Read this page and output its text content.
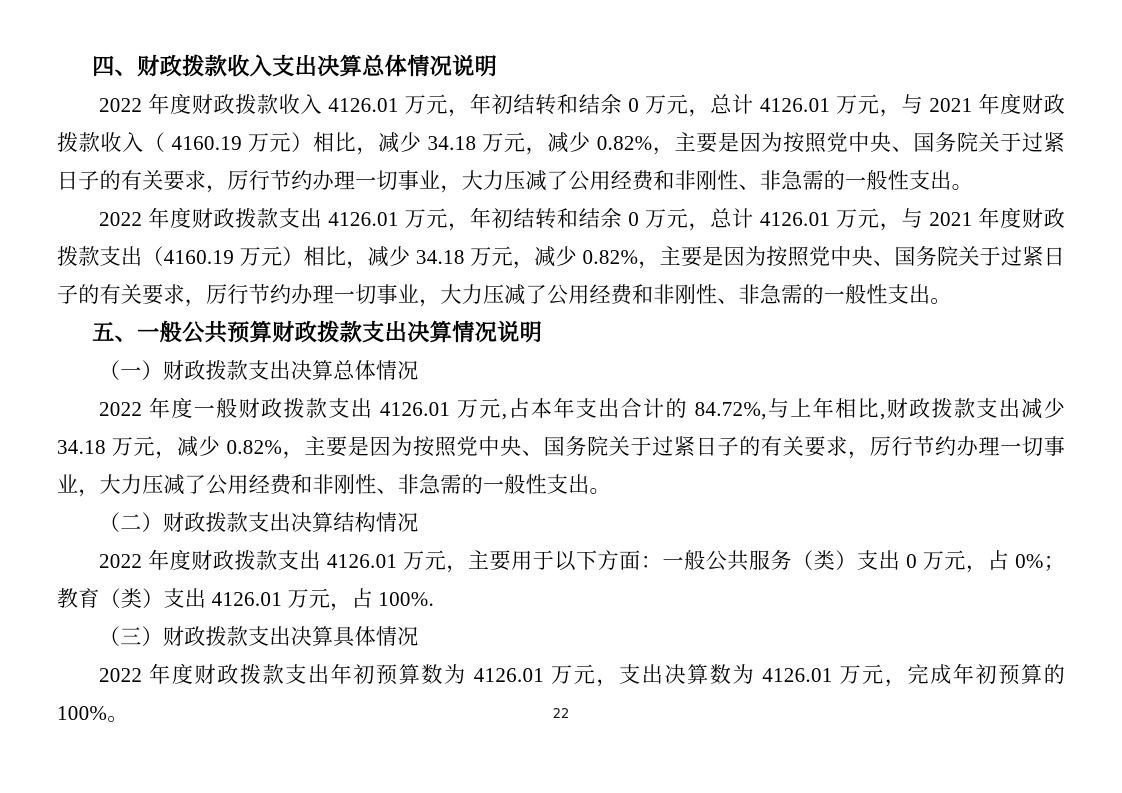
四、财政拨款收入支出决算总体情况说明

2022 年度财政拨款收入 4126.01 万元，年初结转和结余 0 万元，总计 4126.01 万元，与 2021 年度财政拨款收入（ 4160.19 万元）相比，减少 34.18 万元，减少 0.82%，主要是因为按照党中央、国务院关于过紧日子的有关要求，厉行节约办理一切事业，大力压减了公用经费和非刚性、非急需的一般性支出。

2022 年度财政拨款支出 4126.01 万元，年初结转和结余 0 万元，总计 4126.01 万元，与 2021 年度财政拨款支出（4160.19 万元）相比，减少 34.18 万元，减少 0.82%，主要是因为按照党中央、国务院关于过紧日子的有关要求，厉行节约办理一切事业，大力压减了公用经费和非刚性、非急需的一般性支出。

五、一般公共预算财政拨款支出决算情况说明

（一）财政拨款支出决算总体情况

2022 年度一般财政拨款支出 4126.01 万元,占本年支出合计的 84.72%,与上年相比,财政拨款支出减少 34.18 万元，减少 0.82%，主要是因为按照党中央、国务院关于过紧日子的有关要求，厉行节约办理一切事业，大力压减了公用经费和非刚性、非急需的一般性支出。

（二）财政拨款支出决算结构情况

2022 年度财政拨款支出 4126.01 万元，主要用于以下方面：一般公共服务（类）支出 0 万元，占 0%；教育（类）支出 4126.01 万元，占 100%.

（三）财政拨款支出决算具体情况

2022 年度财政拨款支出年初预算数为 4126.01 万元，支出决算数为 4126.01 万元，完成年初预算的 100%。	22
